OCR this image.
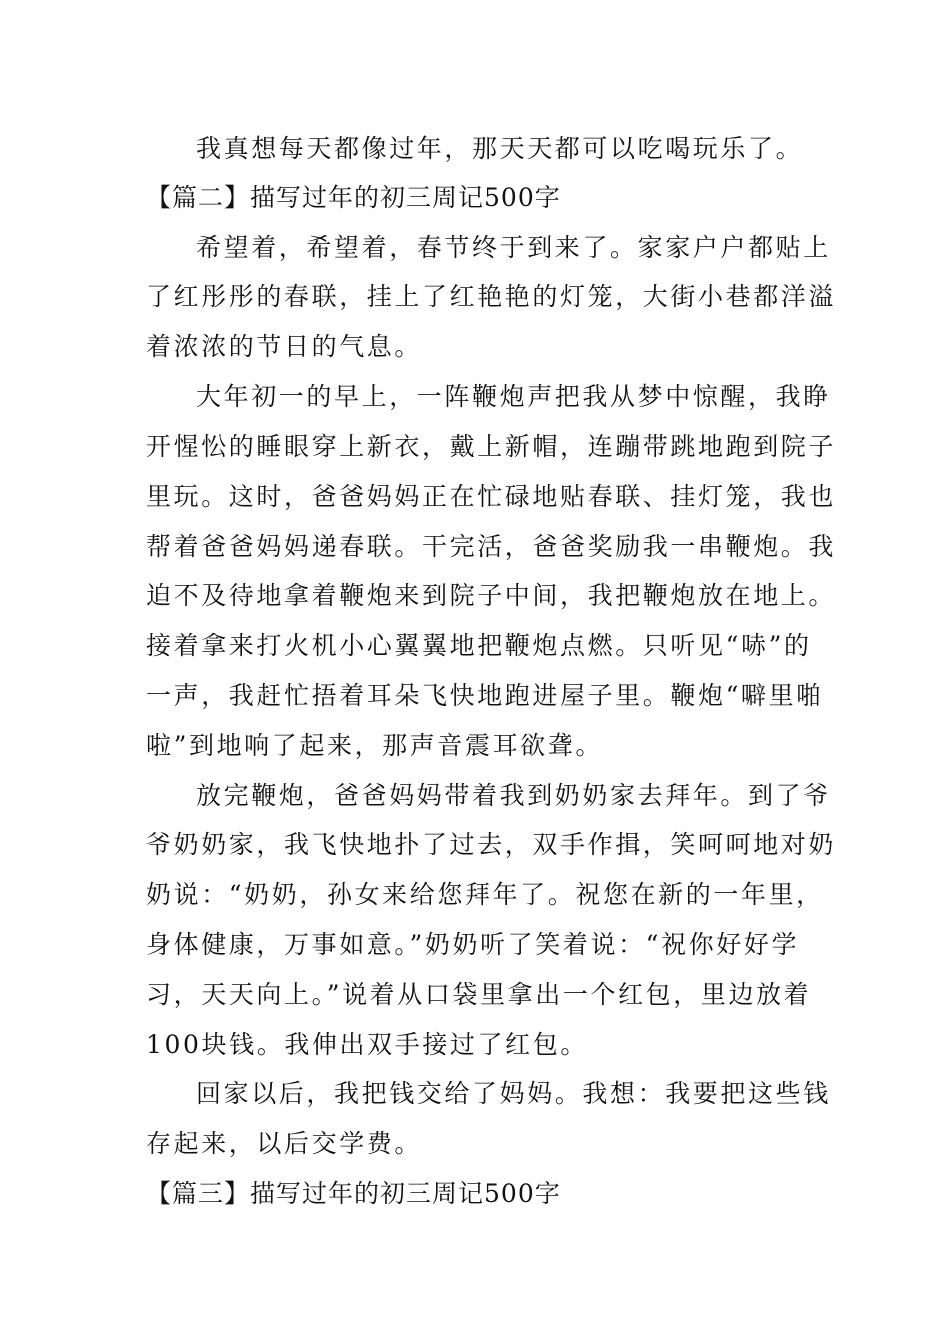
我真想每天都像过年，那天天都可以吃喝玩乐了。
【篇二】描写过年的初三周记500字
希望着，希望着，春节终于到来了。家家户户都贴上
了红彤彤的春联，挂上了红艳艳的灯笼，大街小巷都洋溢
着浓浓的节日的气息。
大年初一的早上，一阵鞭炮声把我从梦中惊醒，我睁
开惺忪的睡眼穿上新衣，戴上新帽，连蹦带跳地跑到院子
里玩。这时，爸爸妈妈正在忙碌地贴春联、挂灯笼，我也
帮着爸爸妈妈递春联。干完活，爸爸奖励我一串鞭炮。我
迫不及待地拿着鞭炮来到院子中间，我把鞭炮放在地上。
接着拿来打火机小心翼翼地把鞭炮点燃。只听见“哧”的
一声，我赶忙捂着耳朵飞快地跑进屋子里。鞭炮“噼里啪
啦”到地响了起来，那声音震耳欲聋。
放完鞭炮，爸爸妈妈带着我到奶奶家去拜年。到了爷
爷奶奶家，我飞快地扑了过去，双手作揖，笑呵呵地对奶
奶说：“奶奶，孙女来给您拜年了。祝您在新的一年里，
身体健康，万事如意。”奶奶听了笑着说：“祝你好好学
习，天天向上。”说着从口袋里拿出一个红包，里边放着
100块钱。我伸出双手接过了红包。
回家以后，我把钱交给了妈妈。我想：我要把这些钱
存起来，以后交学费。
【篇三】描写过年的初三周记500字
